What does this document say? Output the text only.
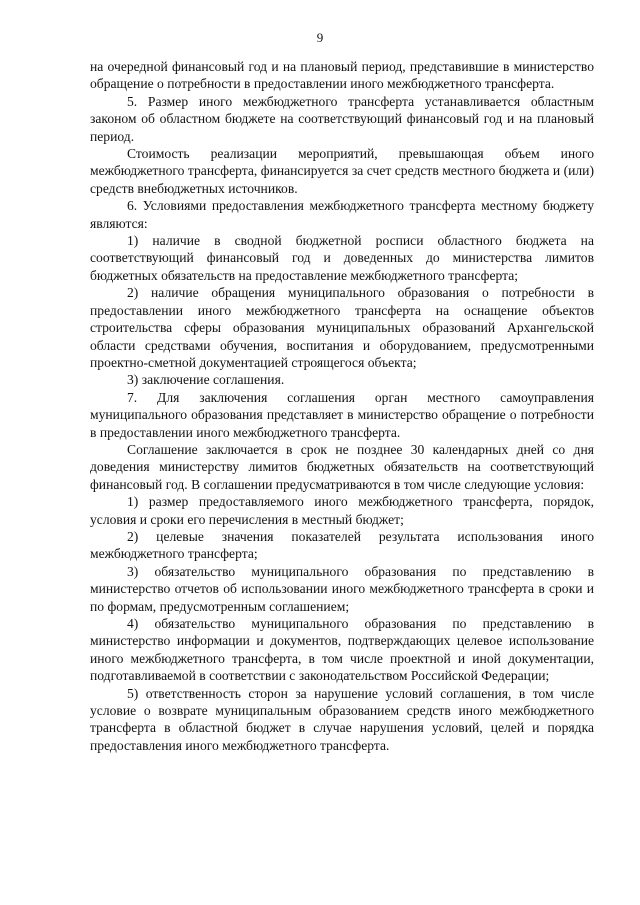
9

на очередной финансовый год и на плановый период, представившие в министерство обращение о потребности в предоставлении иного межбюджетного трансферта.

5. Размер иного межбюджетного трансферта устанавливается областным законом об областном бюджете на соответствующий финансовый год и на плановый период.

Стоимость реализации мероприятий, превышающая объем иного межбюджетного трансферта, финансируется за счет средств местного бюджета и (или) средств внебюджетных источников.

6. Условиями предоставления межбюджетного трансферта местному бюджету являются:

1) наличие в сводной бюджетной росписи областного бюджета на соответствующий финансовый год и доведенных до министерства лимитов бюджетных обязательств на предоставление межбюджетного трансферта;

2) наличие обращения муниципального образования о потребности в предоставлении иного межбюджетного трансферта на оснащение объектов строительства сферы образования муниципальных образований Архангельской области средствами обучения, воспитания и оборудованием, предусмотренными проектно-сметной документацией строящегося объекта;

3) заключение соглашения.

7. Для заключения соглашения орган местного самоуправления муниципального образования представляет в министерство обращение о потребности в предоставлении иного межбюджетного трансферта.

Соглашение заключается в срок не позднее 30 календарных дней со дня доведения министерству лимитов бюджетных обязательств на соответствующий финансовый год. В соглашении предусматриваются в том числе следующие условия:

1) размер предоставляемого иного межбюджетного трансферта, порядок, условия и сроки его перечисления в местный бюджет;

2) целевые значения показателей результата использования иного межбюджетного трансферта;

3) обязательство муниципального образования по представлению в министерство отчетов об использовании иного межбюджетного трансферта в сроки и по формам, предусмотренным соглашением;

4) обязательство муниципального образования по представлению в министерство информации и документов, подтверждающих целевое использование иного межбюджетного трансферта, в том числе проектной и иной документации, подготавливаемой в соответствии с законодательством Российской Федерации;

5) ответственность сторон за нарушение условий соглашения, в том числе условие о возврате муниципальным образованием средств иного межбюджетного трансферта в областной бюджет в случае нарушения условий, целей и порядка предоставления иного межбюджетного трансферта.
